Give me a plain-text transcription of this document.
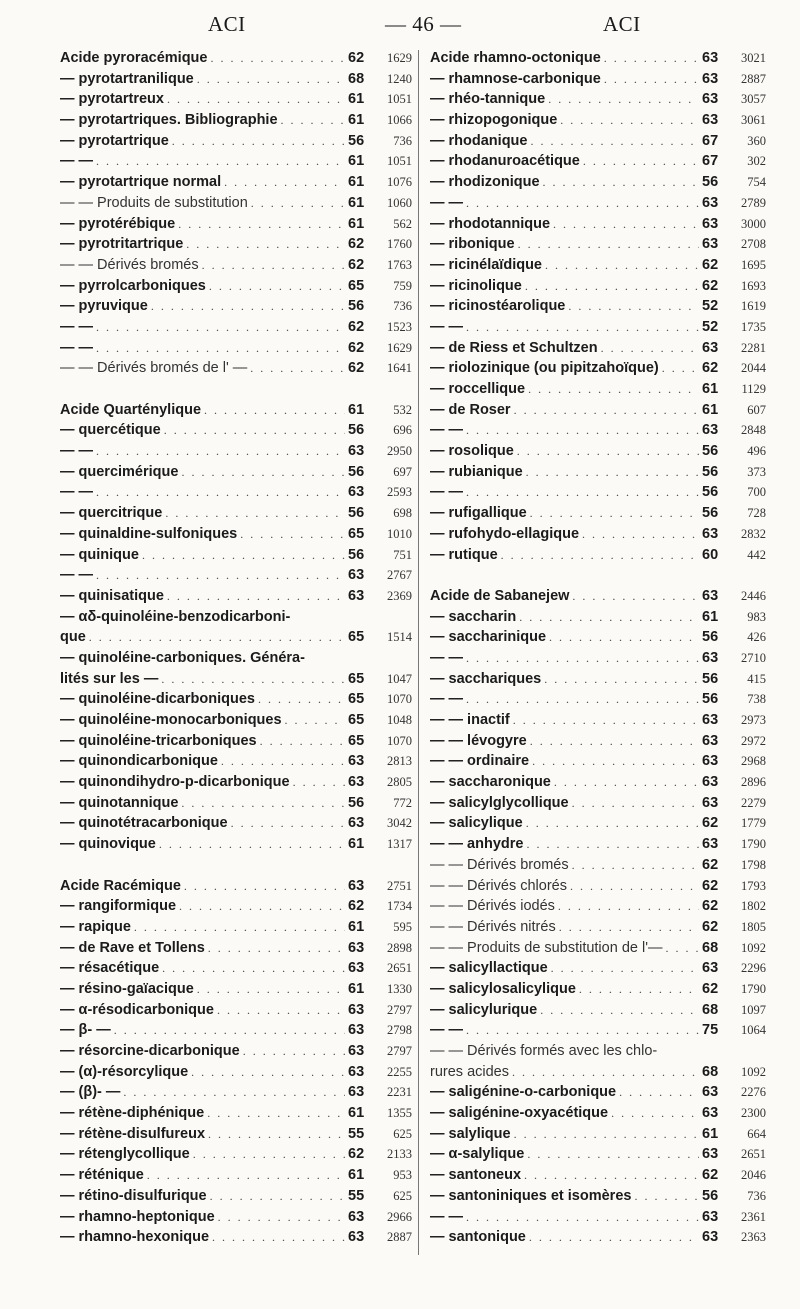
ACI	— 46 —	ACI
Acide pyroracémique . . .	62	1629
— pyrotartranilique . . .	68	1240
— pyrotartreux . . .	61	1051
— pyrotartriques. Bibliographie . . .	61	1066
— pyrotartrique . . .	56	736
— — . . .	61	1051
— pyrotartrique normal . . .	61	1076
— — Produits de substitution . . .	61	1060
— pyrotérébique . . .	61	562
— pyrotritartrique . . .	62	1760
— — Dérivés bromés . . .	62	1763
— pyrrolcarboniques . . .	65	759
— pyruvique . . .	56	736
— — . . .	62	1523
— — . . .	62	1629
— — Dérivés bromés de l' — . . .	62	1641
Acide Quarténylique . . .	61	532
— quercétique . . .	56	696
— — . . .	63	2950
— quercimérique . . .	56	697
— — . . .	63	2593
— quercitrique . . .	56	698
— quinaldine-sulfoniques . . .	65	1010
— quinique . . .	56	751
— — . . .	63	2767
— quinisatique . . .	63	2369
— αδ-quinoléine-benzodicarboni-
que . . .	65	1514
— quinoléine-carboniques. Généra-
lités sur les — . . .	65	1047
— quinoléine-dicarboniques . . .	65	1070
— quinoléine-monocarboniques . . .	65	1048
— quinoléine-tricarboniques . . .	65	1070
— quinondicarbonique . . .	63	2813
— quinondihydro-p-dicarbonique . . .	63	2805
— quinotannique . . .	56	772
— quinotétracarbonique . . .	63	3042
— quinovique . . .	61	1317
Acide Racémique . . .	63	2751
— rangiformique . . .	62	1734
— rapique . . .	61	595
— de Rave et Tollens . . .	63	2898
— résacétique . . .	63	2651
— résino-gaïacique . . .	61	1330
— α-résodicarbonique . . .	63	2797
— β- — . . .	63	2798
— résorcine-dicarbonique . . .	63	2797
— (α)-résorcylique . . .	63	2255
— (β)- — . . .	63	2231
— rétène-diphénique . . .	61	1355
— rétène-disulfureux . . .	55	625
— rétenglycollique . . .	62	2133
— réténique . . .	61	953
— rétino-disulfurique . . .	55	625
— rhamno-heptonique . . .	63	2966
— rhamno-hexonique . . .	63	2887
Acide rhamno-octonique . . .	63	3021
— rhamnose-carbonique . . .	63	2887
— rhéo-tannique . . .	63	3057
— rhizopogonique . . .	63	3061
— rhodanique . . .	67	360
— rhodanuroacétique . . .	67	302
— rhodizonique . . .	56	754
— — . . .	63	2789
— rhodotannique . . .	63	3000
— ribonique . . .	63	2708
— ricinélaïdique . . .	62	1695
— ricinolique . . .	62	1693
— ricinostéarolique . . .	52	1619
— — . . .	52	1735
— de Riess et Schultzen . . .	63	2281
— riolozinique (ou pipitzahoïque) . . .	62	2044
— roccellique . . .	61	1129
— de Roser . . .	61	607
— — . . .	63	2848
— rosolique . . .	56	496
— rubianique . . .	56	373
— — . . .	56	700
— rufigallique . . .	56	728
— rufohydo-ellagique . . .	63	2832
— rutique . . .	60	442
Acide de Sabanejew . . .	63	2446
— saccharin . . .	61	983
— saccharinique . . .	56	426
— — . . .	63	2710
— sacchariques . . .	56	415
— — . . .	56	738
— — inactif . . .	63	2973
— — lévogyre . . .	63	2972
— — ordinaire . . .	63	2968
— saccharonique . . .	63	2896
— salicylglycollique . . .	63	2279
— salicylique . . .	62	1779
— — anhydre . . .	63	1790
— — Dérivés bromés . . .	62	1798
— — Dérivés chlorés . . .	62	1793
— — Dérivés iodés . . .	62	1802
— — Dérivés nitrés . . .	62	1805
— — Produits de substitution de l'— . . .	68	1092
— salicyllactique . . .	63	2296
— salicylosalicylique . . .	62	1790
— salicylurique . . .	68	1097
— — . . .	75	1064
— — Dérivés formés avec les chlo-
rures acides . . .	68	1092
— saligénine-o-carbonique . . .	63	2276
— saligénine-oxyacétique . . .	63	2300
— salylique . . .	61	664
— α-salylique . . .	63	2651
— santoneux . . .	62	2046
— santoniniques et isomères . . .	56	736
— — . . .	63	2361
— santonique . . .	63	2363
